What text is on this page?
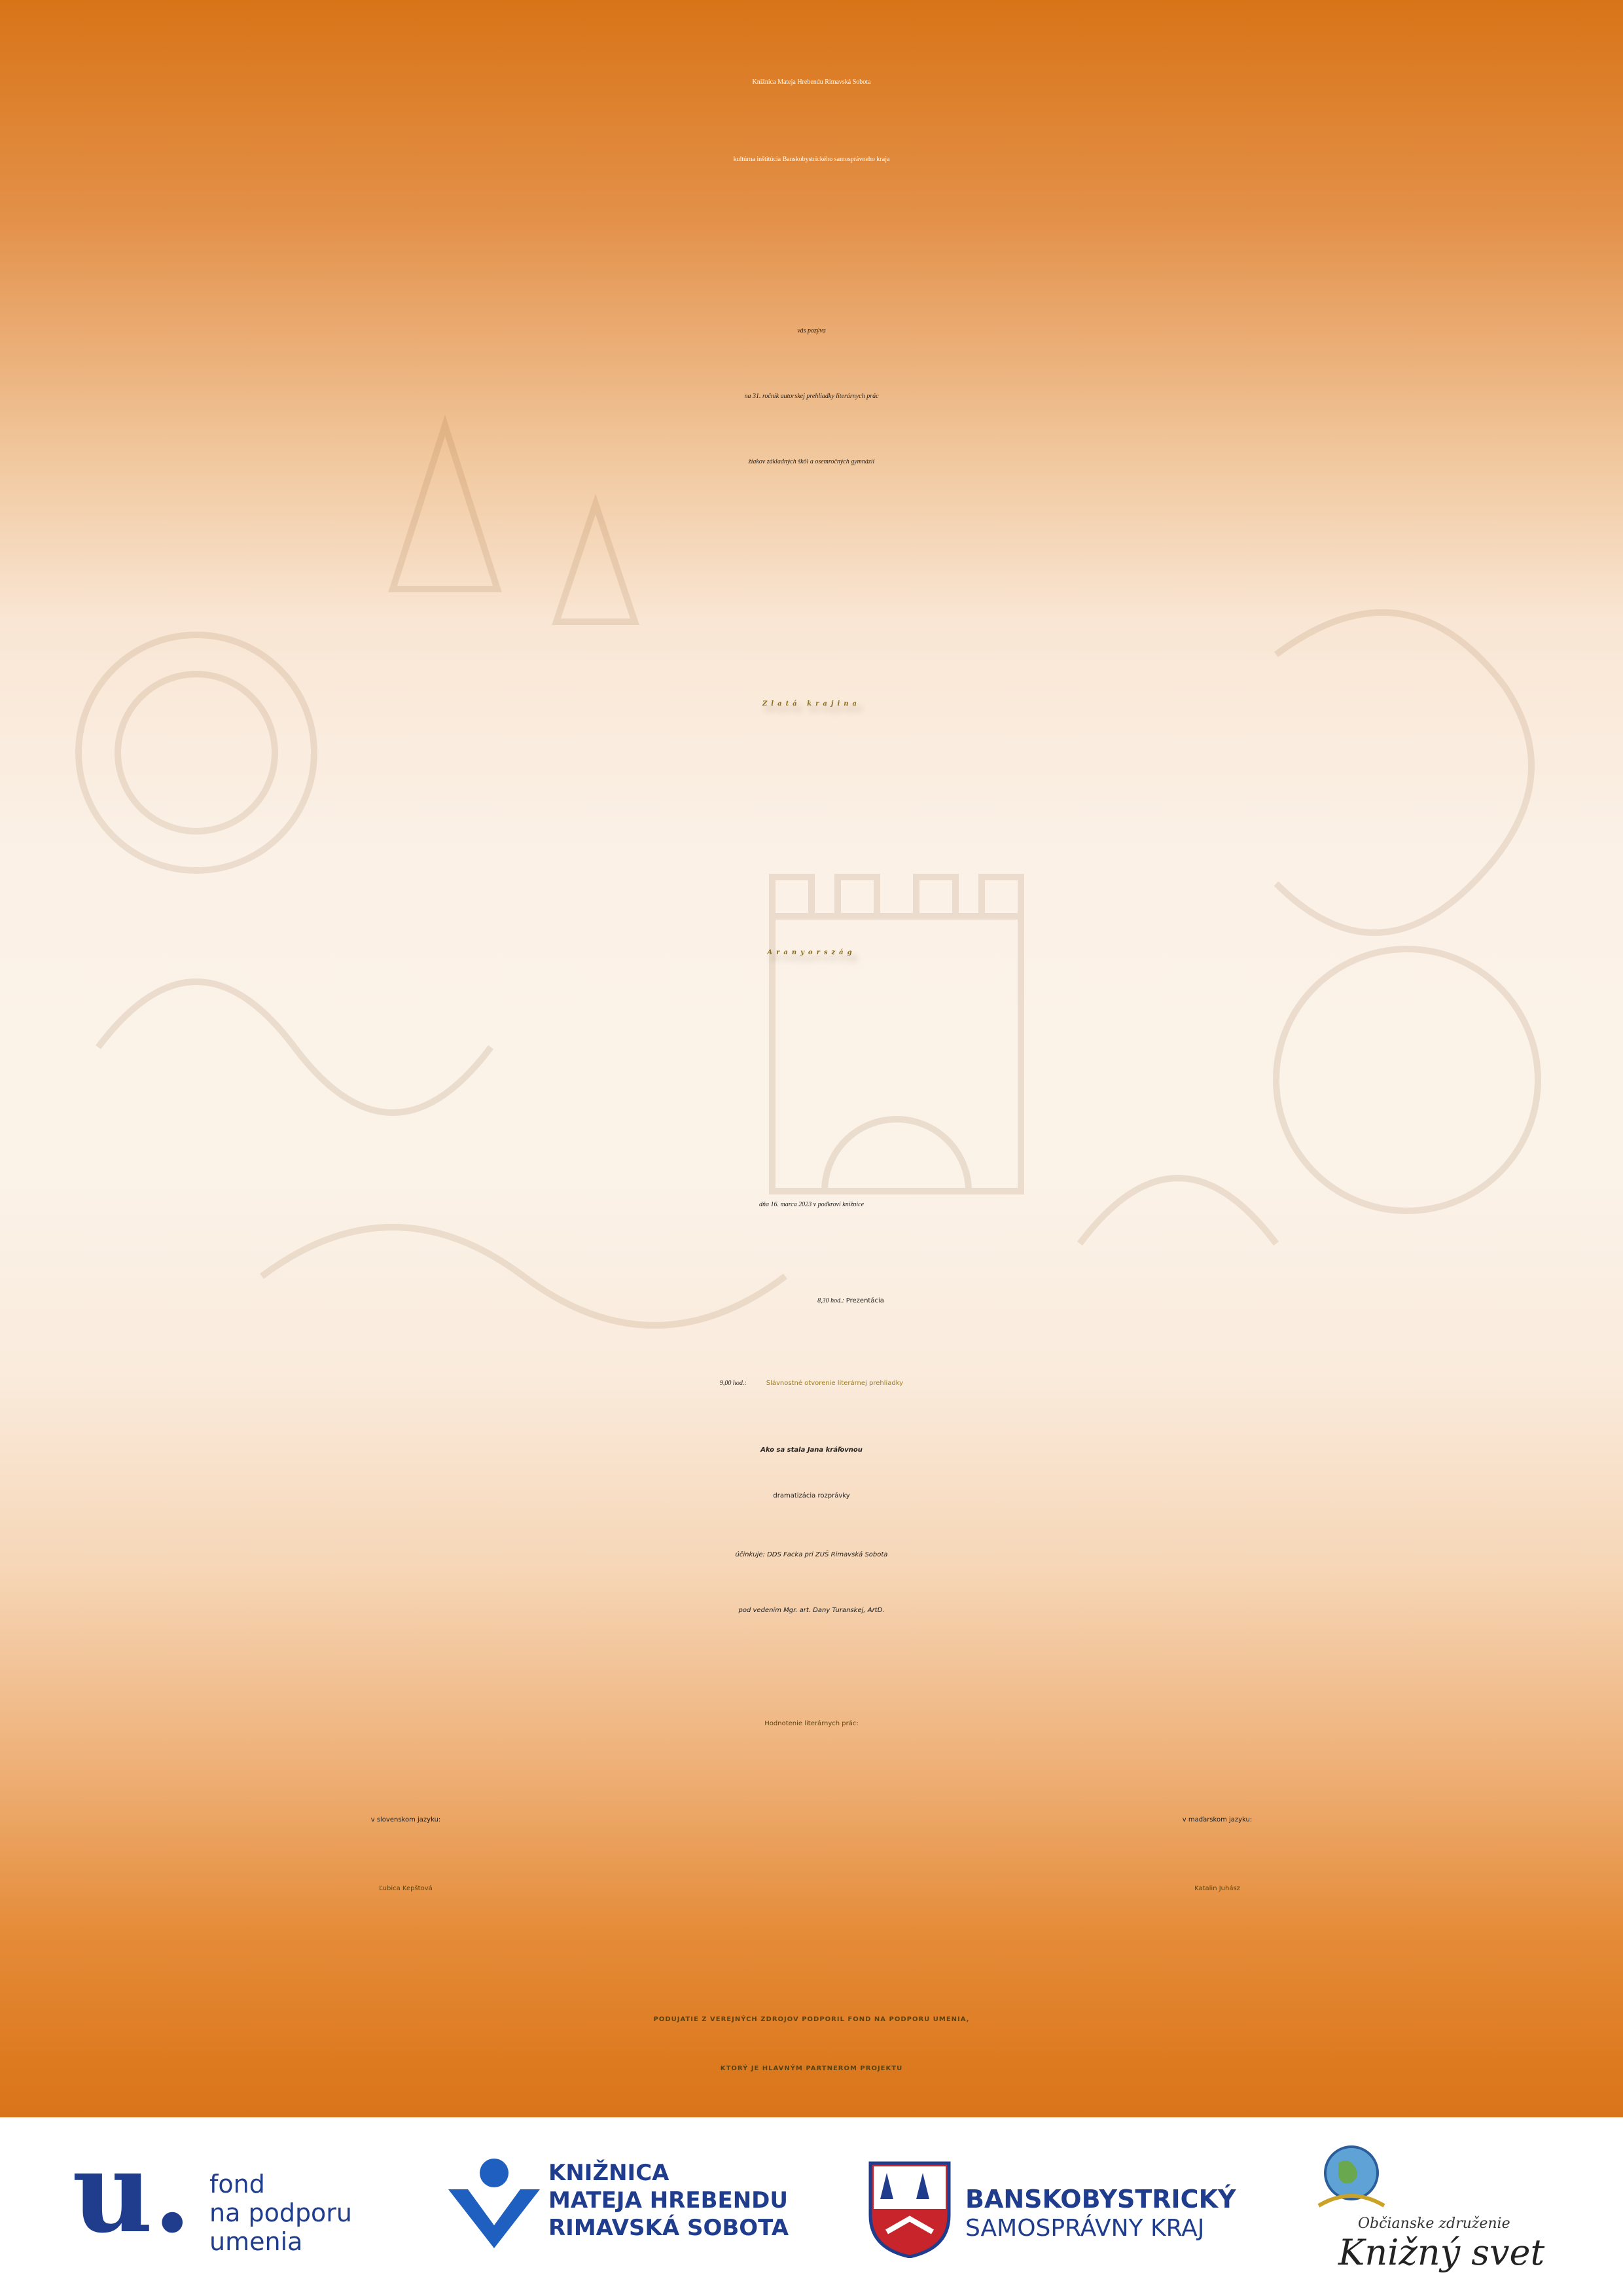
Knižnica Mateja Hrebendu Rimavská Sobota
kultúrna inštitúcia Banskobystrického samosprávneho kraja
vás pozýva
na 31. ročník autorskej prehliadky literárnych prác
žiakov základných škôl a osemročných gymnázií
Zlatá krajina
Aranyország
dňa 16. marca 2023 v podkroví knižnice
8,30 hod.: Prezentácia
9,00 hod.:	Slávnostné otvorenie literárnej prehliadky
Ako sa stala Jana kráľovnou
dramatizácia rozprávky
účinkuje: DDS Facka pri ZUŠ Rimavská Sobota
pod vedením Mgr. art. Dany Turanskej, ArtD.
Hodnotenie literárnych prác:
v slovenskom jazyku:	v maďarskom jazyku:
Ľubica Kepštová	Katalin Juhász
PODUJATIE Z VEREJNÝCH ZDROJOV PODPORIL FOND NA PODPORU UMENIA,
KTORÝ JE HLAVNÝM PARTNEROM PROJEKTU
u. fond
na podporu
umenia
KNIŽNICA
MATEJA HREBENDU
RIMAVSKÁ SOBOTA
BANSKOBYSTRICKÝ
SAMOSPRÁVNY KRAJ	Občianske združenie
Knižný svet
